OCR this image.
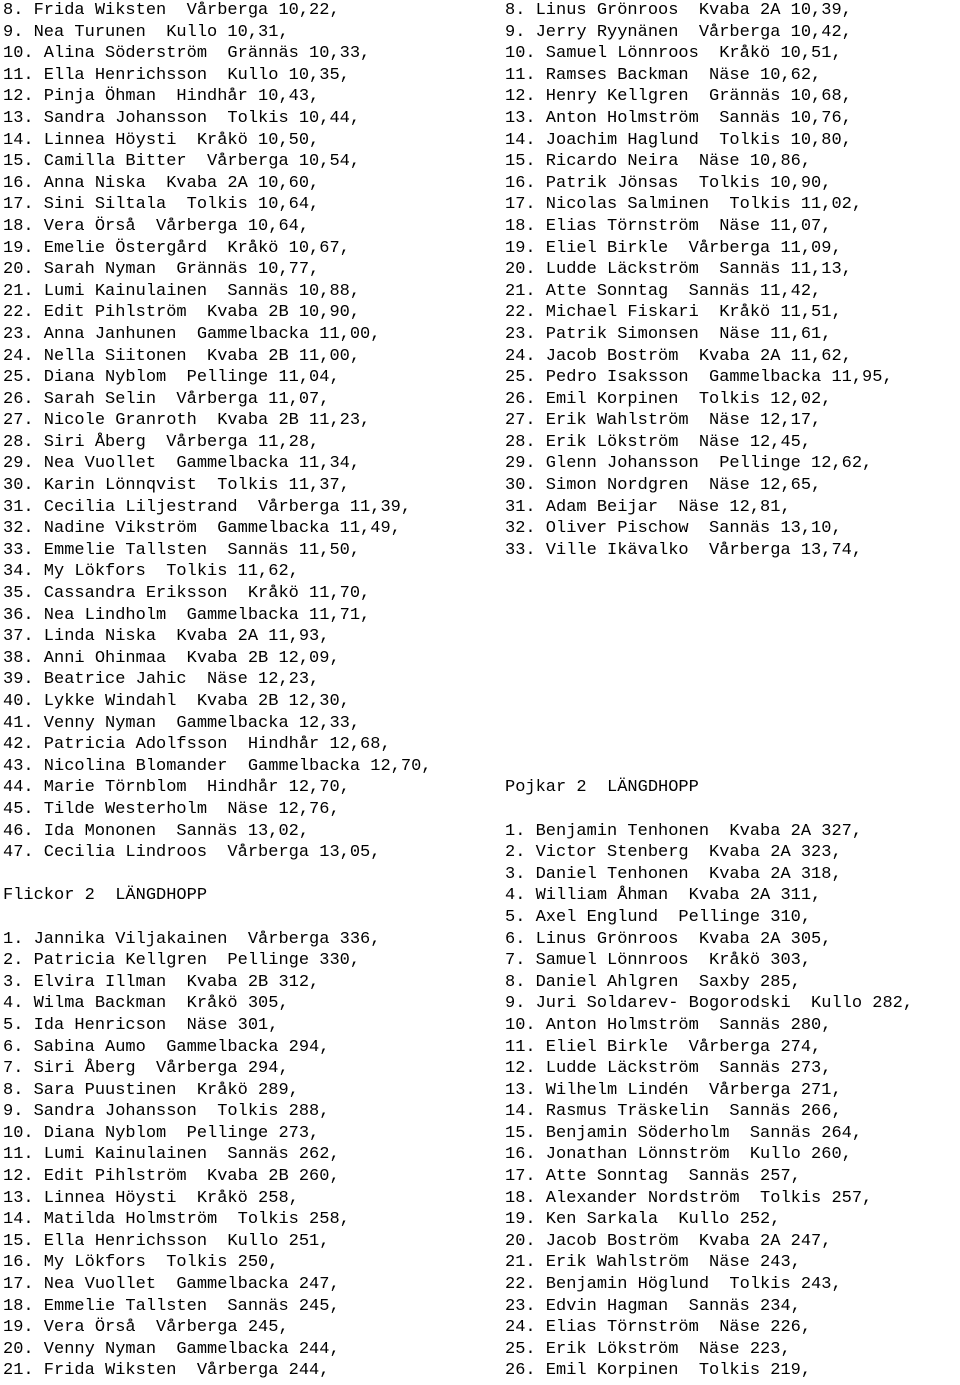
8. Frida Wiksten  Vårberga 10,22,
9. Nea Turunen  Kullo 10,31,
10. Alina Söderström  Grännäs 10,33,
11. Ella Henrichsson  Kullo 10,35,
12. Pinja Öhman  Hindhår 10,43,
13. Sandra Johansson  Tolkis 10,44,
14. Linnea Höysti  Kråkö 10,50,
15. Camilla Bitter  Vårberga 10,54,
16. Anna Niska  Kvaba 2A 10,60,
17. Sini Siltala  Tolkis 10,64,
18. Vera Örså  Vårberga 10,64,
19. Emelie Östergård  Kråkö 10,67,
20. Sarah Nyman  Grännäs 10,77,
21. Lumi Kainulainen  Sannäs 10,88,
22. Edit Pihlström  Kvaba 2B 10,90,
23. Anna Janhunen  Gammelbacka 11,00,
24. Nella Siitonen  Kvaba 2B 11,00,
25. Diana Nyblom  Pellinge 11,04,
26. Sarah Selin  Vårberga 11,07,
27. Nicole Granroth  Kvaba 2B 11,23,
28. Siri Åberg  Vårberga 11,28,
29. Nea Vuollet  Gammelbacka 11,34,
30. Karin Lönnqvist  Tolkis 11,37,
31. Cecilia Liljestrand  Vårberga 11,39,
32. Nadine Vikström  Gammelbacka 11,49,
33. Emmelie Tallsten  Sannäs 11,50,
34. My Lökfors  Tolkis 11,62,
35. Cassandra Eriksson  Kråkö 11,70,
36. Nea Lindholm  Gammelbacka 11,71,
37. Linda Niska  Kvaba 2A 11,93,
38. Anni Ohinmaa  Kvaba 2B 12,09,
39. Beatrice Jahic  Näse 12,23,
40. Lykke Windahl  Kvaba 2B 12,30,
41. Venny Nyman  Gammelbacka 12,33,
42. Patricia Adolfsson  Hindhår 12,68,
43. Nicolina Blomander  Gammelbacka 12,70,
44. Marie Törnblom  Hindhår 12,70,
45. Tilde Westerholm  Näse 12,76,
46. Ida Mononen  Sannäs 13,02,
47. Cecilia Lindroos  Vårberga 13,05,
Flickor 2  LÄNGDHOPP
1. Jannika Viljakainen  Vårberga 336,
2. Patricia Kellgren  Pellinge 330,
3. Elvira Illman  Kvaba 2B 312,
4. Wilma Backman  Kråkö 305,
5. Ida Henricson  Näse 301,
6. Sabina Aumo  Gammelbacka 294,
7. Siri Åberg  Vårberga 294,
8. Sara Puustinen  Kråkö 289,
9. Sandra Johansson  Tolkis 288,
10. Diana Nyblom  Pellinge 273,
11. Lumi Kainulainen  Sannäs 262,
12. Edit Pihlström  Kvaba 2B 260,
13. Linnea Höysti  Kråkö 258,
14. Matilda Holmström  Tolkis 258,
15. Ella Henrichsson  Kullo 251,
16. My Lökfors  Tolkis 250,
17. Nea Vuollet  Gammelbacka 247,
18. Emmelie Tallsten  Sannäs 245,
19. Vera Örså  Vårberga 245,
20. Venny Nyman  Gammelbacka 244,
21. Frida Wiksten  Vårberga 244,
8. Linus Grönroos  Kvaba 2A 10,39,
9. Jerry Ryynänen  Vårberga 10,42,
10. Samuel Lönnroos  Kråkö 10,51,
11. Ramses Backman  Näse 10,62,
12. Henry Kellgren  Grännäs 10,68,
13. Anton Holmström  Sannäs 10,76,
14. Joachim Haglund  Tolkis 10,80,
15. Ricardo Neira  Näse 10,86,
16. Patrik Jönsas  Tolkis 10,90,
17. Nicolas Salminen  Tolkis 11,02,
18. Elias Törnström  Näse 11,07,
19. Eliel Birkle  Vårberga 11,09,
20. Ludde Läckström  Sannäs 11,13,
21. Atte Sonntag  Sannäs 11,42,
22. Michael Fiskari  Kråkö 11,51,
23. Patrik Simonsen  Näse 11,61,
24. Jacob Boström  Kvaba 2A 11,62,
25. Pedro Isaksson  Gammelbacka 11,95,
26. Emil Korpinen  Tolkis 12,02,
27. Erik Wahlström  Näse 12,17,
28. Erik Lökström  Näse 12,45,
29. Glenn Johansson  Pellinge 12,62,
30. Simon Nordgren  Näse 12,65,
31. Adam Beijar  Näse 12,81,
32. Oliver Pischow  Sannäs 13,10,
33. Ville Ikävalko  Vårberga 13,74,
Pojkar 2  LÄNGDHOPP
1. Benjamin Tenhonen  Kvaba 2A 327,
2. Victor Stenberg  Kvaba 2A 323,
3. Daniel Tenhonen  Kvaba 2A 318,
4. William Åhman  Kvaba 2A 311,
5. Axel Englund  Pellinge 310,
6. Linus Grönroos  Kvaba 2A 305,
7. Samuel Lönnroos  Kråkö 303,
8. Daniel Ahlgren  Saxby 285,
9. Juri Soldarev- Bogorodski  Kullo 282,
10. Anton Holmström  Sannäs 280,
11. Eliel Birkle  Vårberga 274,
12. Ludde Läckström  Sannäs 273,
13. Wilhelm Lindén  Vårberga 271,
14. Rasmus Träskelin  Sannäs 266,
15. Benjamin Söderholm  Sannäs 264,
16. Jonathan Lönnström  Kullo 260,
17. Atte Sonntag  Sannäs 257,
18. Alexander Nordström  Tolkis 257,
19. Ken Sarkala  Kullo 252,
20. Jacob Boström  Kvaba 2A 247,
21. Erik Wahlström  Näse 243,
22. Benjamin Höglund  Tolkis 243,
23. Edvin Hagman  Sannäs 234,
24. Elias Törnström  Näse 226,
25. Erik Lökström  Näse 223,
26. Emil Korpinen  Tolkis 219,
